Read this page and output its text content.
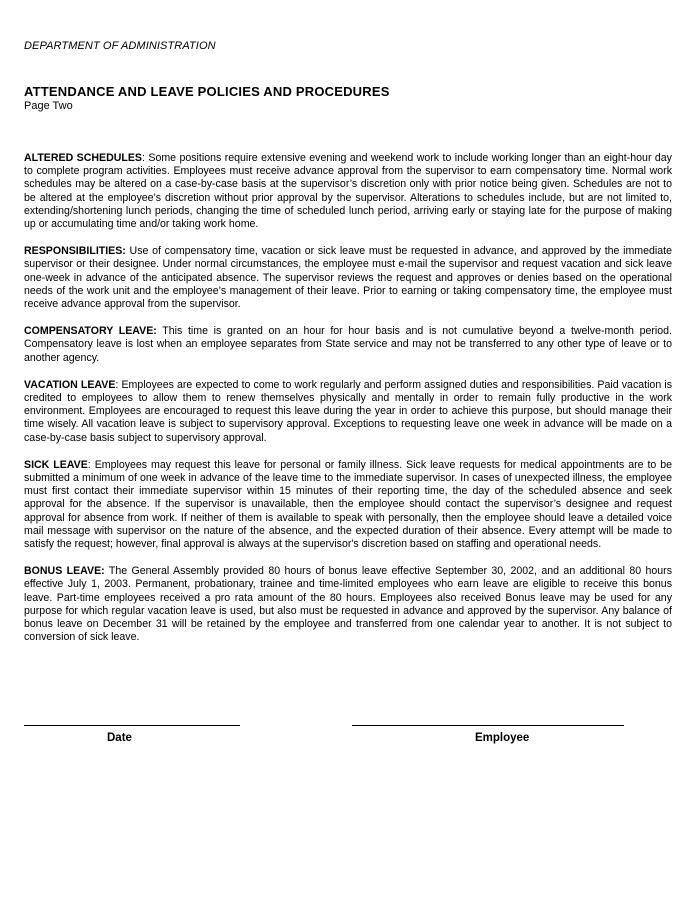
DEPARTMENT OF ADMINISTRATION
ATTENDANCE AND LEAVE POLICIES AND PROCEDURES
Page Two

ALTERED SCHEDULES: Some positions require extensive evening and weekend work to include working longer than an eight-hour day to complete program activities. Employees must receive advance approval from the supervisor to earn compensatory time. Normal work schedules may be altered on a case-by-case basis at the supervisor’s discretion only with prior notice being given. Schedules are not to be altered at the employee’s discretion without prior approval by the supervisor. Alterations to schedules include, but are not limited to, extending/shortening lunch periods, changing the time of scheduled lunch period, arriving early or staying late for the purpose of making up or accumulating time and/or taking work home.

RESPONSIBILITIES: Use of compensatory time, vacation or sick leave must be requested in advance, and approved by the immediate supervisor or their designee. Under normal circumstances, the employee must e-mail the supervisor and request vacation and sick leave one-week in advance of the anticipated absence. The supervisor reviews the request and approves or denies based on the operational needs of the work unit and the employee’s management of their leave. Prior to earning or taking compensatory time, the employee must receive advance approval from the supervisor.

COMPENSATORY LEAVE: This time is granted on an hour for hour basis and is not cumulative beyond a twelve-month period. Compensatory leave is lost when an employee separates from State service and may not be transferred to any other type of leave or to another agency.

VACATION LEAVE: Employees are expected to come to work regularly and perform assigned duties and responsibilities. Paid vacation is credited to employees to allow them to renew themselves physically and mentally in order to remain fully productive in the work environment. Employees are encouraged to request this leave during the year in order to achieve this purpose, but should manage their time wisely. All vacation leave is subject to supervisory approval. Exceptions to requesting leave one week in advance will be made on a case-by-case basis subject to supervisory approval.

SICK LEAVE: Employees may request this leave for personal or family illness. Sick leave requests for medical appointments are to be submitted a minimum of one week in advance of the leave time to the immediate supervisor. In cases of unexpected illness, the employee must first contact their immediate supervisor within 15 minutes of their reporting time, the day of the scheduled absence and seek approval for the absence. If the supervisor is unavailable, then the employee should contact the supervisor’s designee and request approval for absence from work. If neither of them is available to speak with personally, then the employee should leave a detailed voice mail message with supervisor on the nature of the absence, and the expected duration of their absence. Every attempt will be made to satisfy the request; however, final approval is always at the supervisor's discretion based on staffing and operational needs.

BONUS LEAVE: The General Assembly provided 80 hours of bonus leave effective September 30, 2002, and an additional 80 hours effective July 1, 2003. Permanent, probationary, trainee and time-limited employees who earn leave are eligible to receive this bonus leave. Part-time employees received a pro rata amount of the 80 hours. Employees also received Bonus leave may be used for any purpose for which regular vacation leave is used, but also must be requested in advance and approved by the supervisor. Any balance of bonus leave on December 31 will be retained by the employee and transferred from one calendar year to another. It is not subject to conversion of sick leave.

Date	Employee
